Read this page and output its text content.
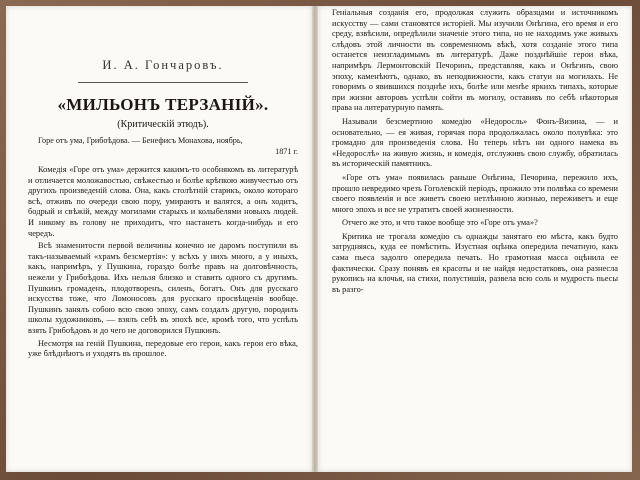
И. А. Гончаровъ.
«МИЛЬОНЪ ТЕРЗАНІЙ».
(Критическій этюдъ).
Горе отъ ума, Грибоѣдова. — Бенефисъ Монахова, ноябрь,
1871 г.

Комедія «Горе отъ ума» держится какимъ-то особнякомъ въ литературѣ и отличается моложавостью, свѣжестью и болѣе крѣпкою живучестью отъ другихъ произведеній слова. Она, какъ столѣтній старикъ, около котораго всѣ, отживъ по очереди свою пору, умираютъ и валятся, а онъ ходитъ, бодрый и свѣжій, между могилами старыхъ и колыбелями новыхъ людей. И никому въ голову не приходитъ, что настанетъ когда-нибудь и его чередъ.

Всѣ знаменитости первой величины конечно не даромъ поступили въ такъ-называемый «храмъ безсмертія»: у всѣхъ у нихъ много, а у иныхъ, какъ, напримѣръ, у Пушкина, гораздо болѣе правъ на долговѣчность, нежели у Грибоѣдова. Ихъ нельзя близко и ставить одного съ другимъ. Пушкинъ громаденъ, плодотворенъ, силенъ, богатъ. Онъ для русскаго искусства тоже, что Ломоносовъ для русскаго просвѣщенія вообще. Пушкинъ занялъ собою всю свою эпоху, самъ создалъ другую, породилъ школы художниковъ, — взялъ себѣ въ эпохѣ все, кромѣ того, что успѣлъ взять Грибоѣдовъ и до чего не договорился Пушкинъ.

Несмотря на геній Пушкина, передовые его герои, какъ герои его вѣка, уже блѣднѣютъ и уходятъ въ прошлое.

Геніальныя созданія его, продолжая служить образцами и источникомъ искусству — сами становятся исторіей. Мы изучили Онѣгина, его время и его среду, взвѣсили, опредѣлили значеніе этого типа, но не находимъ уже живыхъ слѣдовъ этой личности въ современномъ вѣкѣ, хотя созданіе этого типа останется неизгладимымъ въ литературѣ. Даже позднѣйшіе герои вѣка, напримѣръ Лермонтовскій Печоринъ, представляя, какъ и Онѣгинъ, свою эпоху, каменѣютъ, однако, въ неподвижности, какъ статуи на могилахъ. Не говоримъ о явившихся позднѣе ихъ, болѣе или менѣе яркихъ типахъ, которые при жизни авторовъ успѣли сойти въ могилу, оставивъ по себѣ нѣкоторыя права на литературную память.

Называли безсмертною комедію «Недоросль» Фонъ-Визина, — и основательно, — ея живая, горячая пора продолжалась около полувѣка: это громадно для произведенія слова. Но теперь нѣтъ ни одного намека въ «Недорослѣ» на живую жизнь, и комедія, отслуживъ свою службу, обратилась въ историческій памятникъ.

«Горе отъ ума» появилась раньше Онѣгина, Печорина, пережило ихъ, прошло невредимо чрезъ Гоголевскій періодъ, прожило эти полвѣка со времени своего появленія и все живетъ своею нетлѣнною жизнью, переживетъ и еще много эпохъ и все не утратитъ своей жизненности.

Отчего же это, и что такое вообще это «Горе отъ ума»?

Критика не трогала комедію съ однажды занятаго ею мѣста, какъ будто затрудняясь, куда ее помѣстить. Изустная оцѣнка опередила печатную, какъ сама пьеса задолго опередила печать. Но грамотная масса оцѣнила ее фактически. Сразу понявъ ея красоты и не найдя недостатковъ, она разнесла рукопись на клочья, на стихи, полустишія, развела всю соль и мудрость пьесы въ разго-
